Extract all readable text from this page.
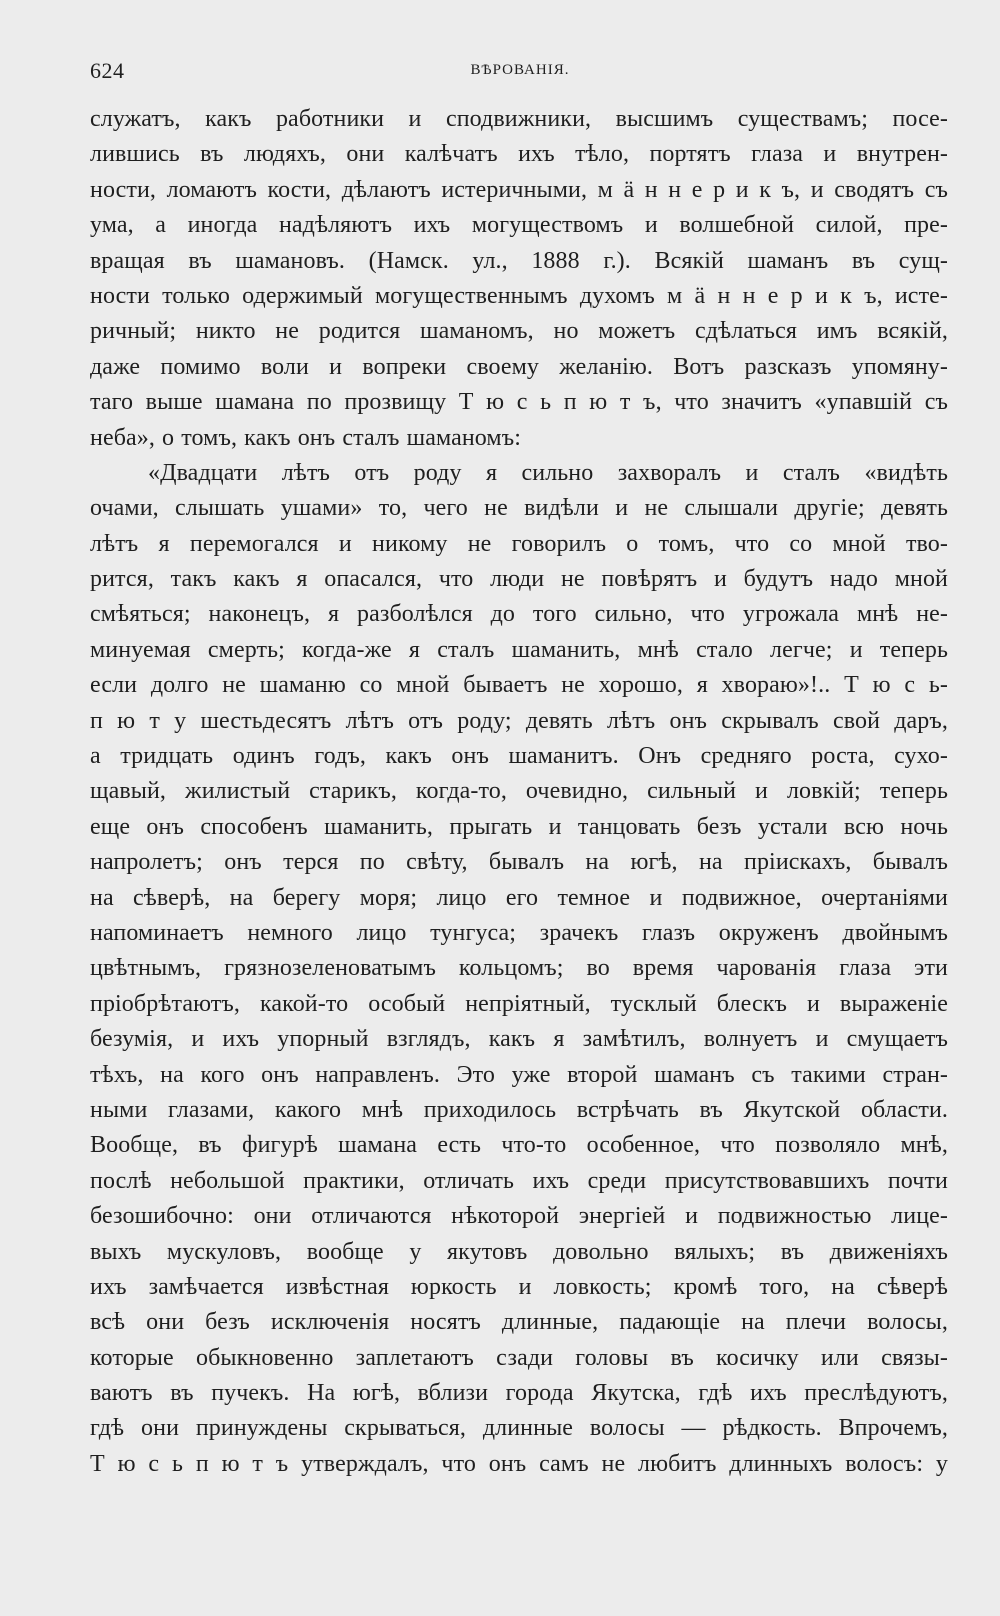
624	ВѢРОВАНІЯ.
служатъ, какъ работники и сподвижники, высшимъ существамъ; посе-
лившись въ людяхъ, они калѣчатъ ихъ тѣло, портятъ глаза и внутрен-
ности, ломаютъ кости, дѣлаютъ истеричными, м ä н н е р и к ъ, и сводятъ съ
ума, а иногда надѣляютъ ихъ могуществомъ и волшебной силой, пре-
вращая въ шамановъ. (Намск. ул., 1888 г.). Всякій шаманъ въ сущ-
ности только одержимый могущественнымъ духомъ м ä н н е р и к ъ, исте-
ричный; никто не родится шаманомъ, но можетъ сдѣлаться имъ всякій,
даже помимо воли и вопреки своему желанію. Вотъ разсказъ упомяну-
таго выше шамана по прозвищу Т ю с ь п ю т ъ, что значитъ «упавшій съ
неба», о томъ, какъ онъ сталъ шаманомъ:
«Двадцати лѣтъ отъ роду я сильно захворалъ и сталъ «видѣть
очами, слышать ушами» то, чего не видѣли и не слышали другіе; девять
лѣтъ я перемогался и никому не говорилъ о томъ, что со мной тво-
рится, такъ какъ я опасался, что люди не повѣрятъ и будутъ надо мной
смѣяться; наконецъ, я разболѣлся до того сильно, что угрожала мнѣ не-
минуемая смерть; когда-же я сталъ шаманить, мнѣ стало легче; и теперь
если долго не шаманю со мной бываетъ не хорошо, я хвораю»!.. Т ю с ь-
п ю т у шестьдесятъ лѣтъ отъ роду; девять лѣтъ онъ скрывалъ свой даръ,
а тридцать одинъ годъ, какъ онъ шаманитъ. Онъ средняго роста, сухо-
щавый, жилистый старикъ, когда-то, очевидно, сильный и ловкій; теперь
еще онъ способенъ шаманить, прыгать и танцовать безъ устали всю ночь
напролетъ; онъ терся по свѣту, бывалъ на югѣ, на пріискахъ, бывалъ
на сѣверѣ, на берегу моря; лицо его темное и подвижное, очертаніями
напоминаетъ немного лицо тунгуса; зрачекъ глазъ окруженъ двойнымъ
цвѣтнымъ, грязнозеленоватымъ кольцомъ; во время чарованія глаза эти
пріобрѣтаютъ, какой-то особый непріятный, тусклый блескъ и выраженіе
безумія, и ихъ упорный взглядъ, какъ я замѣтилъ, волнуетъ и смущаетъ
тѣхъ, на кого онъ направленъ. Это уже второй шаманъ съ такими стран-
ными глазами, какого мнѣ приходилось встрѣчать въ Якутской области.
Вообще, въ фигурѣ шамана есть что-то особенное, что позволяло мнѣ,
послѣ небольшой практики, отличать ихъ среди присутствовавшихъ почти
безошибочно: они отличаются нѣкоторой энергіей и подвижностью лице-
выхъ мускуловъ, вообще у якутовъ довольно вялыхъ; въ движеніяхъ
ихъ замѣчается извѣстная юркость и ловкость; кромѣ того, на сѣверѣ
всѣ они безъ исключенія носятъ длинные, падающіе на плечи волосы,
которые обыкновенно заплетаютъ сзади головы въ косичку или связы-
ваютъ въ пучекъ. На югѣ, вблизи города Якутска, гдѣ ихъ преслѣдуютъ,
гдѣ они принуждены скрываться, длинные волосы — рѣдкость. Впрочемъ,
Т ю с ь п ю т ъ утверждалъ, что онъ самъ не любитъ длинныхъ волосъ: у
